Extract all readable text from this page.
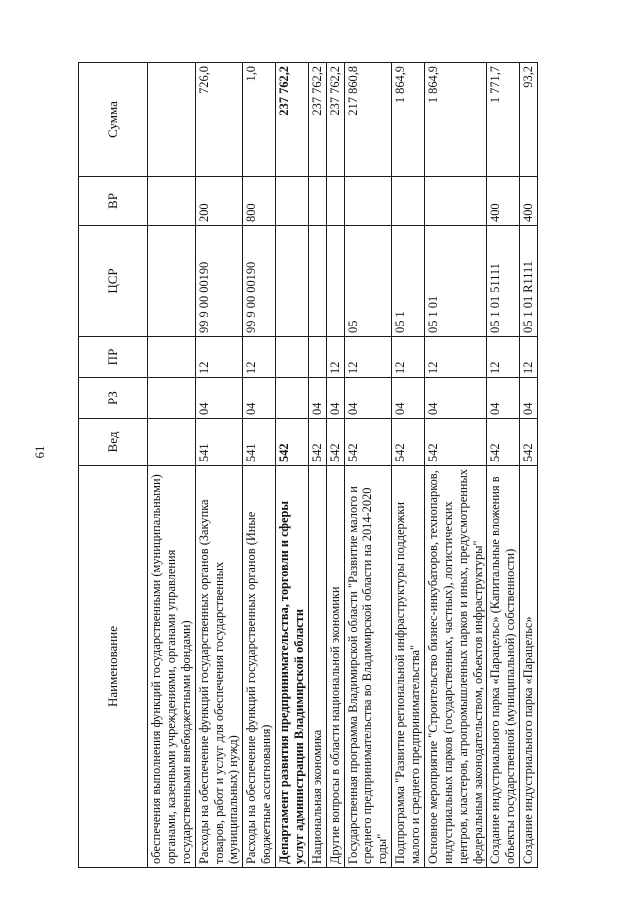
61
Наименование	Вед	РЗ	ПР	ЦСР	ВР	Сумма
обеспечения выполнения функций государственными (муниципальными) органами, казенными учреждениями, органами управления государственными внебюджетными фондами)						
Расходы на обеспечение функций государственных органов (Закупка товаров, работ и услуг для обеспечения государственных (муниципальных) нужд)	541	04	12	99 9 00 00190	200	726,0
Расходы на обеспечение функций государственных органов (Иные бюджетные ассигнования)	541	04	12	99 9 00 00190	800	1,0
Департамент развития предпринимательства, торговли и сферы услуг администрации Владимирской области	542					237 762,2
Национальная экономика	542	04				237 762,2
Другие вопросы в области национальной экономики	542	04	12			237 762,2
Государственная программа Владимирской области "Развитие малого и среднего предпринимательства во Владимирской области на 2014-2020 годы"	542	04	12	05		217 860,8
Подпрограмма "Развитие региональной инфраструктуры поддержки малого и среднего предпринимательства"	542	04	12	05 1		1 864,9
Основное мероприятие "Строительство бизнес-инкубаторов, технопарков, индустриальных парков (государственных, частных), логистических центров, кластеров, агропромышленных парков и иных, предусмотренных федеральным законодательством, объектов инфраструктуры"	542	04	12	05 1 01		1 864,9
Создание индустриального парка «Парацельс» (Капитальные вложения в объекты государственной (муниципальной) собственности)	542	04	12	05 1 01 51111	400	1 771,7
Создание индустриального парка «Парацельс»	542	04	12	05 1 01 R1111	400	93,2
